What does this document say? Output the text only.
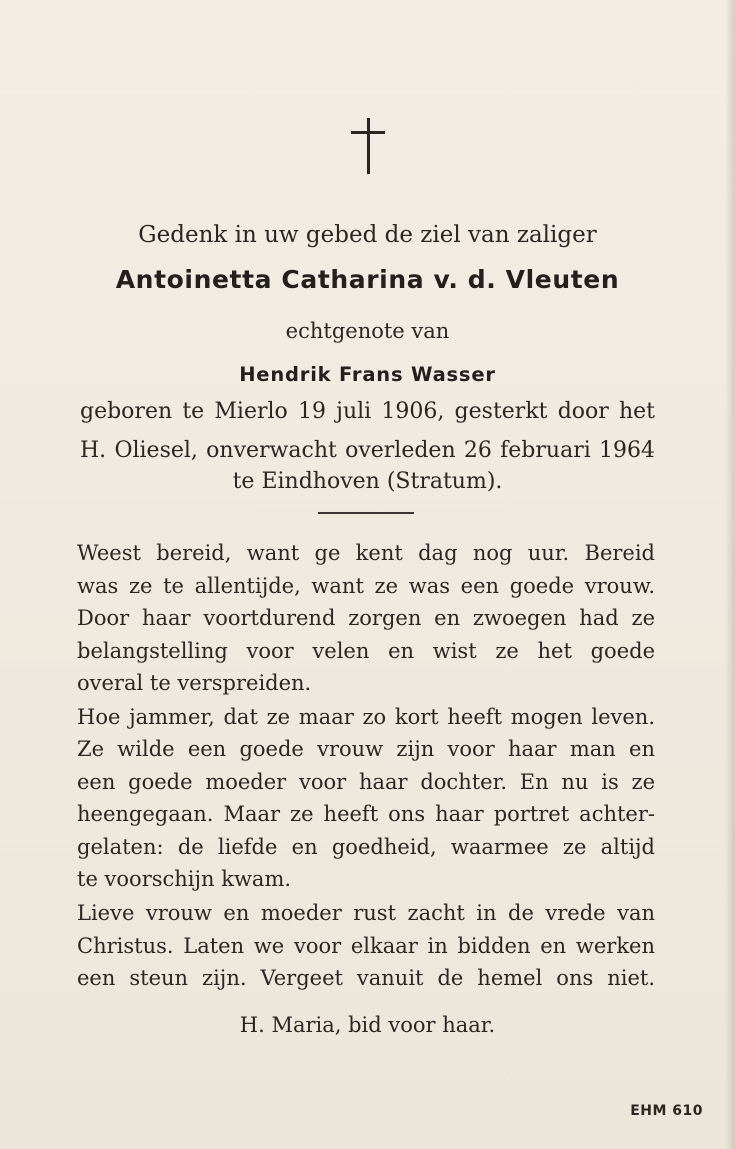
Gedenk in uw gebed de ziel van zaliger
Antoinetta Catharina v. d. Vleuten
echtgenote van
Hendrik Frans Wasser
geboren te Mierlo 19 juli 1906, gesterkt door het
H. Oliesel, onverwacht overleden 26 februari 1964
te Eindhoven (Stratum).
Weest bereid, want ge kent dag nog uur. Bereid
was ze te allentijde, want ze was een goede vrouw.
Door haar voortdurend zorgen en zwoegen had ze
belangstelling voor velen en wist ze het goede
overal te verspreiden.
Hoe jammer, dat ze maar zo kort heeft mogen leven.
Ze wilde een goede vrouw zijn voor haar man en
een goede moeder voor haar dochter. En nu is ze
heengegaan. Maar ze heeft ons haar portret achter-
gelaten: de liefde en goedheid, waarmee ze altijd
te voorschijn kwam.
Lieve vrouw en moeder rust zacht in de vrede van
Christus. Laten we voor elkaar in bidden en werken
een steun zijn. Vergeet vanuit de hemel ons niet.
H. Maria, bid voor haar.
EHM 610
